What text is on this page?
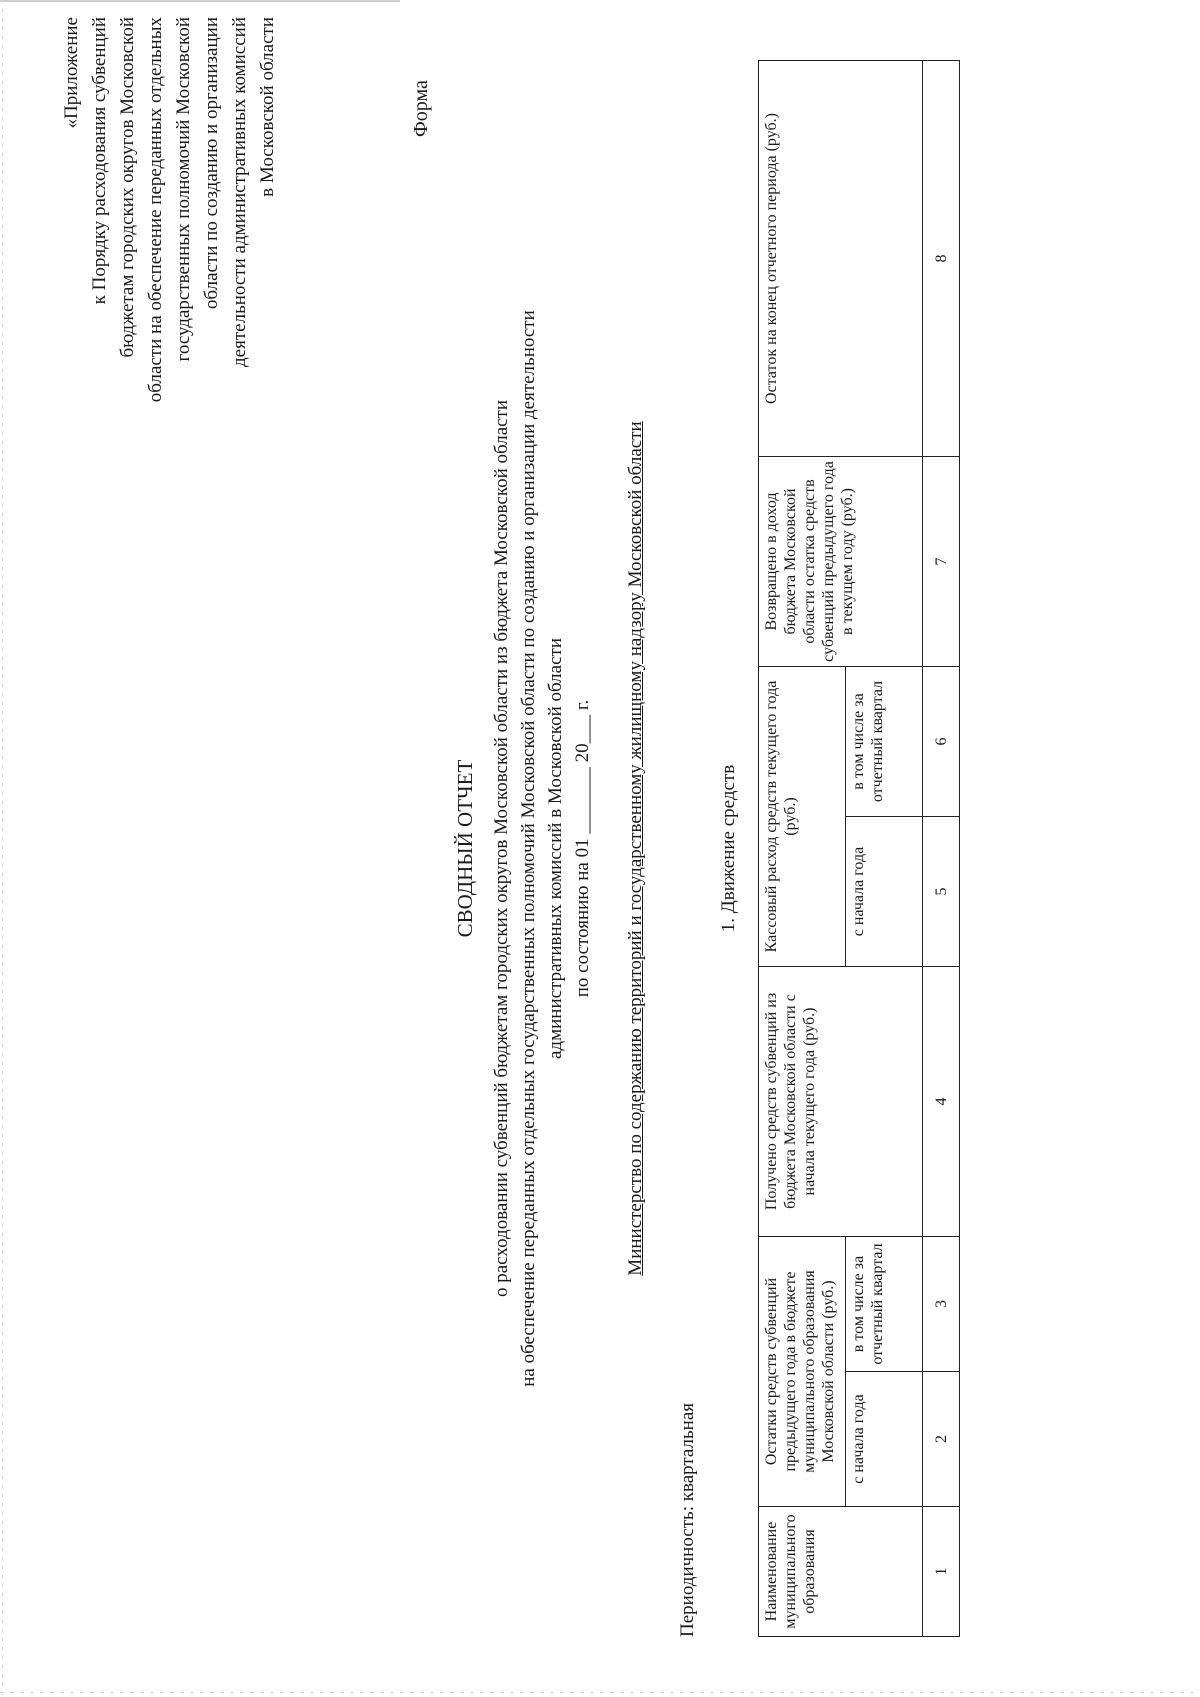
«Приложение к Порядку расходования субвенций бюджетам городских округов Московской области на обеспечение переданных отдельных государственных полномочий Московской области по созданию и организации деятельности административных комиссий в Московской области	Форма
СВОДНЫЙ ОТЧЕТ о расходовании субвенций бюджетам городских округов Московской области из бюджета Московской области на обеспечение переданных отдельных государственных полномочий Московской области по созданию и организации деятельности административных комиссий в Московской области по состоянию на 01 _______ 20___ г. Министерство по содержанию территорий и государственному жилищному надзору Московской области
Периодичность: квартальная
1. Движение средств
Наименование муниципального образования	Остатки средств субвенций предыдущего года в бюджете муниципального образования Московской области (руб.)		Получено средств субвенций из бюджета Московской области с начала текущего года (руб.)	Кассовый расход средств текущего года (руб.)		Возвращено в доход бюджета Московской области остатка средств субвенций предыдущего года в текущем году (руб.)	Остаток на конец отчетного периода (руб.)
	с начала года	в том числе за отчетный квартал		с начала года	в том числе за отчетный квартал		
1	2	3	4	5	6	7	8
